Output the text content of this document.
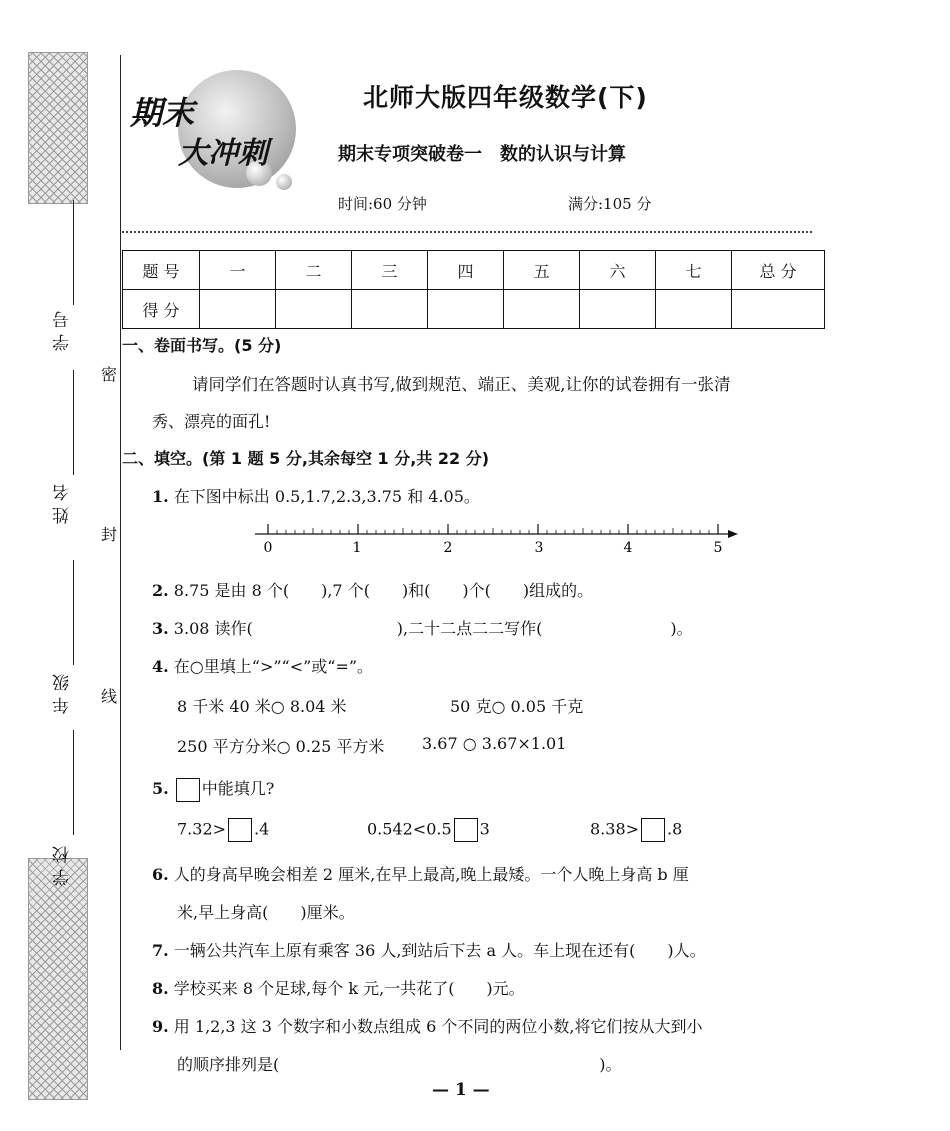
学号
姓名
年级
学校
密
封
线
期末
大冲刺
北师大版四年级数学(下)
期末专项突破卷一　数的认识与计算
时间:60 分钟	满分:105 分
题 号	一	二	三	四	五	六	七	总 分
得 分								
一、卷面书写。(5 分)
请同学们在答题时认真书写,做到规范、端正、美观,让你的试卷拥有一张清
秀、漂亮的面孔!
二、填空。(第 1 题 5 分,其余每空 1 分,共 22 分)
1. 在下图中标出 0.5,1.7,2.3,3.75 和 4.05。
0	1	2	3	4	5
2. 8.75 是由 8 个(　　),7 个(　　)和(　　)个(　　)组成的。
3. 3.08 读作(　　　　　　　　　),二十二点二二写作(　　　　　　　　)。
4. 在○里填上“>”“<”或“=”。
8 千米 40 米○ 8.04 米	50 克○ 0.05 千克
250 平方分米○ 0.25 平方米 3.67 ○ 3.67×1.01
5. 中能填几?
7.32> .4	0.542<0.5 3	8.38> .8
6. 人的身高早晚会相差 2 厘米,在早上最高,晚上最矮。一个人晚上身高 b 厘
米,早上身高(　　)厘米。
7. 一辆公共汽车上原有乘客 36 人,到站后下去 a 人。车上现在还有(　　)人。
8. 学校买来 8 个足球,每个 k 元,一共花了(　　)元。
9. 用 1,2,3 这 3 个数字和小数点组成 6 个不同的两位小数,将它们按从大到小
的顺序排列是(　　　　　　　　　　　　　　　　　　　　)。
— 1 —
